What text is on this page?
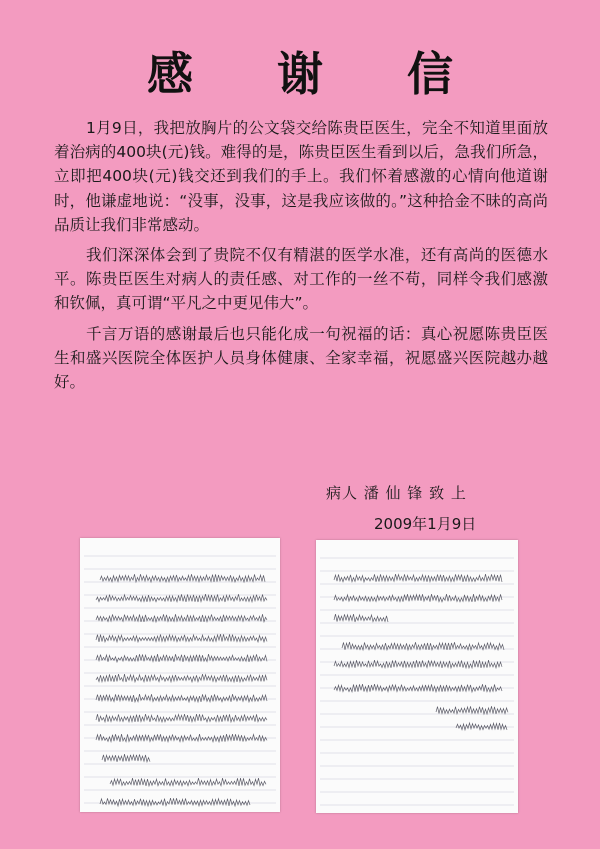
感 谢 信

1月9日，我把放胸片的公文袋交给陈贵臣医生，完全不知道里面放着治病的400块(元)钱。难得的是，陈贵臣医生看到以后，急我们所急，立即把400块(元)钱交还到我们的手上。我们怀着感激的心情向他道谢时，他谦虚地说：“没事，没事，这是我应该做的。”这种拾金不昧的高尚品质让我们非常感动。

我们深深体会到了贵院不仅有精湛的医学水准，还有高尚的医德水平。陈贵臣医生对病人的责任感、对工作的一丝不苟，同样令我们感激和钦佩，真可谓“平凡之中更见伟大”。

千言万语的感谢最后也只能化成一句祝福的话：真心祝愿陈贵臣医生和盛兴医院全体医护人员身体健康、全家幸福，祝愿盛兴医院越办越好。

病人 潘 仙 锋 致 上
2009年1月9日
